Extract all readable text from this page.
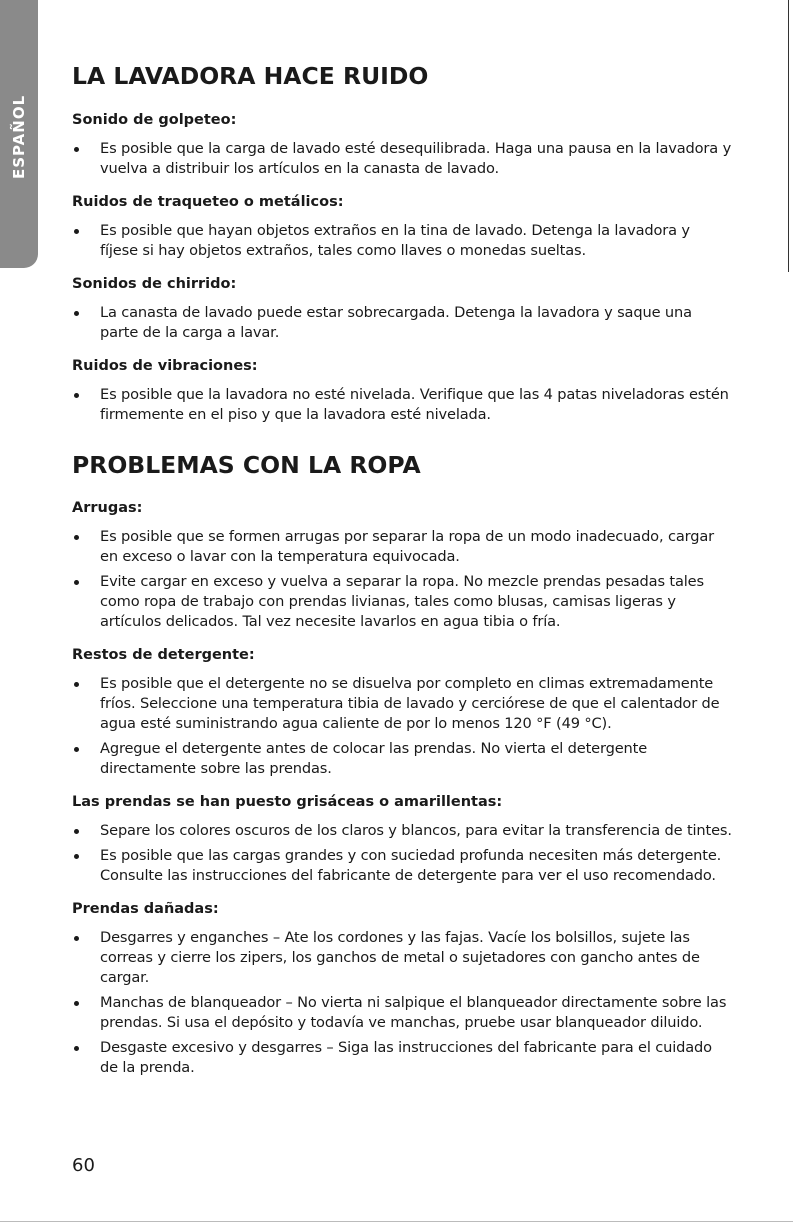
ESPAÑOL
LA LAVADORA HACE RUIDO
Sonido de golpeteo:
Es posible que la carga de lavado esté desequilibrada. Haga una pausa en la lavadora y vuelva a distribuir los artículos en la canasta de lavado.
Ruidos de traqueteo o metálicos:
Es posible que hayan objetos extraños en la tina de lavado. Detenga la lavadora y fíjese si hay objetos extraños, tales como llaves o monedas sueltas.
Sonidos de chirrido:
La canasta de lavado puede estar sobrecargada. Detenga la lavadora y saque una parte de la carga a lavar.
Ruidos de vibraciones:
Es posible que la lavadora no esté nivelada. Verifique que las 4 patas niveladoras estén firmemente en el piso y que la lavadora esté nivelada.
PROBLEMAS CON LA ROPA
Arrugas:
Es posible que se formen arrugas por separar la ropa de un modo inadecuado, cargar en exceso o lavar con la temperatura equivocada.
Evite cargar en exceso y vuelva a separar la ropa. No mezcle prendas pesadas tales como ropa de trabajo con prendas livianas, tales como blusas, camisas ligeras y artículos delicados. Tal vez necesite lavarlos en agua tibia o fría.
Restos de detergente:
Es posible que el detergente no se disuelva por completo en climas extremadamente fríos. Seleccione una temperatura tibia de lavado y cerciórese de que el calentador de agua esté suministrando agua caliente de por lo menos 120 °F (49 °C).
Agregue el detergente antes de colocar las prendas. No vierta el detergente directamente sobre las prendas.
Las prendas se han puesto grisáceas o amarillentas:
Separe los colores oscuros de los claros y blancos, para evitar la transferencia de tintes.
Es posible que las cargas grandes y con suciedad profunda necesiten más detergente. Consulte las instrucciones del fabricante de detergente para ver el uso recomendado.
Prendas dañadas:
Desgarres y enganches – Ate los cordones y las fajas. Vacíe los bolsillos, sujete las correas y cierre los zipers, los ganchos de metal o sujetadores con gancho antes de cargar.
Manchas de blanqueador – No vierta ni salpique el blanqueador directamente sobre las prendas. Si usa el depósito y todavía ve manchas, pruebe usar blanqueador diluido.
Desgaste excesivo y desgarres – Siga las instrucciones del fabricante para el cuidado de la prenda.
60
